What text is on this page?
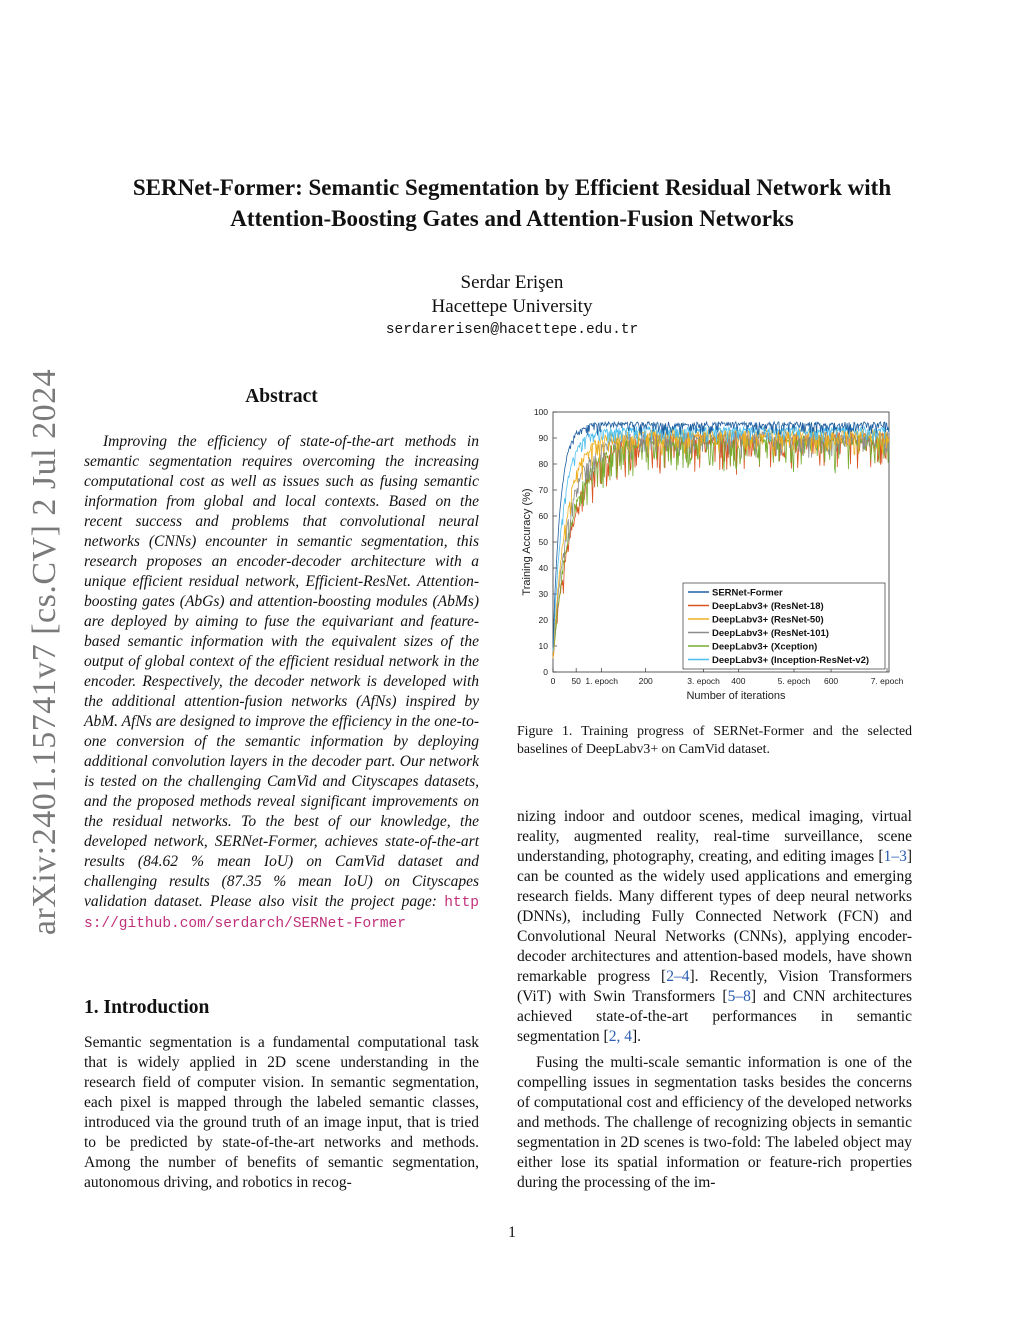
SERNet-Former: Semantic Segmentation by Efficient Residual Network with
Attention-Boosting Gates and Attention-Fusion Networks
Serdar Erişen
Hacettepe University
serdarerisen@hacettepe.edu.tr
arXiv:2401.15741v7 [cs.CV] 2 Jul 2024	Abstract
Improving the efficiency of state-of-the-art methods in semantic segmentation requires overcoming the increasing computational cost as well as issues such as fusing semantic information from global and local contexts. Based on the recent success and problems that convolutional neural networks (CNNs) encounter in semantic segmentation, this research proposes an encoder-decoder architecture with a unique efficient residual network, Efficient-ResNet. Attention-boosting gates (AbGs) and attention-boosting modules (AbMs) are deployed by aiming to fuse the equivariant and feature-based semantic information with the equivalent sizes of the output of global context of the efficient residual network in the encoder. Respectively, the decoder network is developed with the additional attention-fusion networks (AfNs) inspired by AbM. AfNs are designed to improve the efficiency in the one-to-one conversion of the semantic information by deploying additional convolution layers in the decoder part. Our network is tested on the challenging CamVid and Cityscapes datasets, and the proposed methods reveal significant improvements on the residual networks. To the best of our knowledge, the developed network, SERNet-Former, achieves state-of-the-art results (84.62 % mean IoU) on CamVid dataset and challenging results (87.35 % mean IoU) on Cityscapes validation dataset. Please also visit the project page: https://github.com/serdarch/SERNet-Former
1. Introduction
Semantic segmentation is a fundamental computational task that is widely applied in 2D scene understanding in the research field of computer vision. In semantic segmentation, each pixel is mapped through the labeled semantic classes, introduced via the ground truth of an image input, that is tried to be predicted by state-of-the-art networks and methods. Among the number of benefits of semantic segmentation, autonomous driving, and robotics in recog-
0
10
20
30
40
50
60
70
80
90
100
0 50 1. epoch 200	3. epoch 400	5. epoch 600	7. epoch
Training Accuracy (%)
Number of iterations
SERNet-Former
DeepLabv3+ (ResNet-18)
DeepLabv3+ (ResNet-50)
DeepLabv3+ (ResNet-101)
DeepLabv3+ (Xception)
DeepLabv3+ (Inception-ResNet-v2)
Figure 1. Training progress of SERNet-Former and the selected baselines of DeepLabv3+ on CamVid dataset.

nizing indoor and outdoor scenes, medical imaging, virtual reality, augmented reality, real-time surveillance, scene understanding, photography, creating, and editing images [1–3] can be counted as the widely used applications and emerging research fields. Many different types of deep neural networks (DNNs), including Fully Connected Network (FCN) and Convolutional Neural Networks (CNNs), applying encoder-decoder architectures and attention-based models, have shown remarkable progress [2–4]. Recently, Vision Transformers (ViT) with Swin Transformers [5–8] and CNN architectures achieved state-of-the-art performances in semantic segmentation [2, 4].

Fusing the multi-scale semantic information is one of the compelling issues in segmentation tasks besides the concerns of computational cost and efficiency of the developed networks and methods. The challenge of recognizing objects in semantic segmentation in 2D scenes is two-fold: The labeled object may either lose its spatial information or feature-rich properties during the processing of the im-

1
